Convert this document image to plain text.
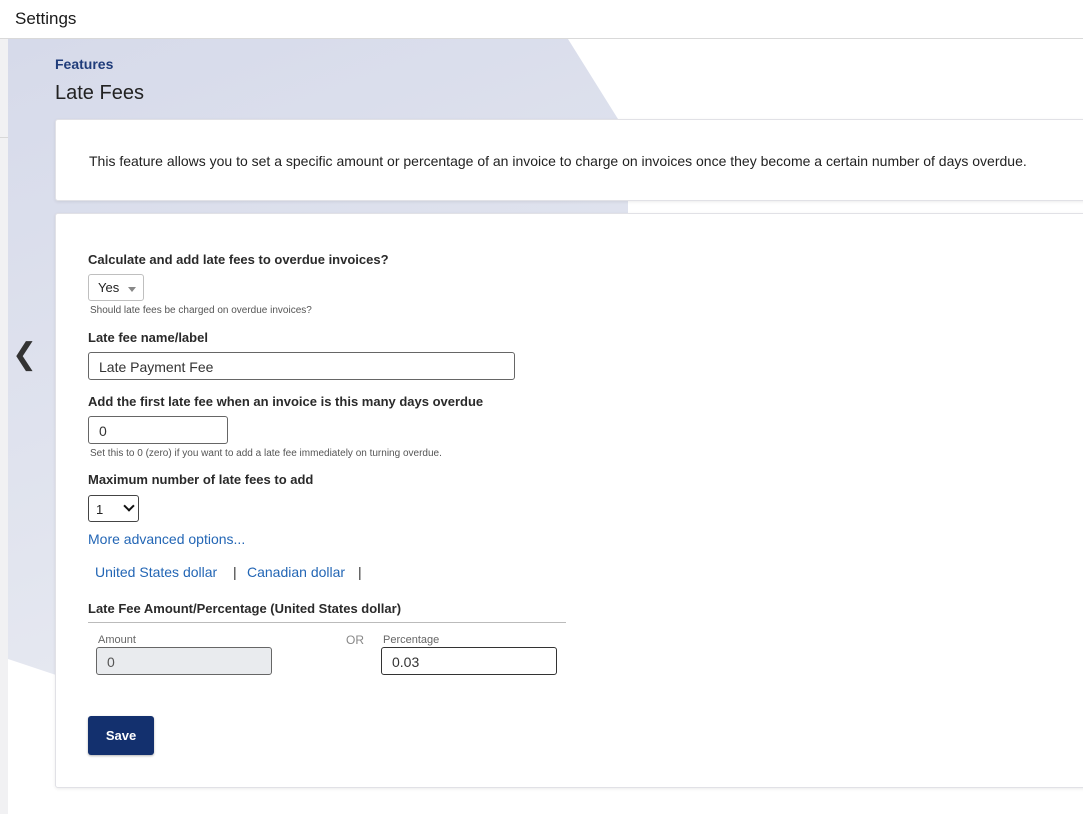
Settings
❮
Features
Late Fees
This feature allows you to set a specific amount or percentage of an invoice to charge on invoices once they become a certain number of days overdue.
Calculate and add late fees to overdue invoices?
Yes
Should late fees be charged on overdue invoices?
Late fee name/label
Late Payment Fee
Add the first late fee when an invoice is this many days overdue
0
Set this to 0 (zero) if you want to add a late fee immediately on turning overdue.
Maximum number of late fees to add
1
More advanced options...
United States dollar | Canadian dollar |
Late Fee Amount/Percentage (United States dollar)
Amount
0
OR Percentage
0.03
Save
